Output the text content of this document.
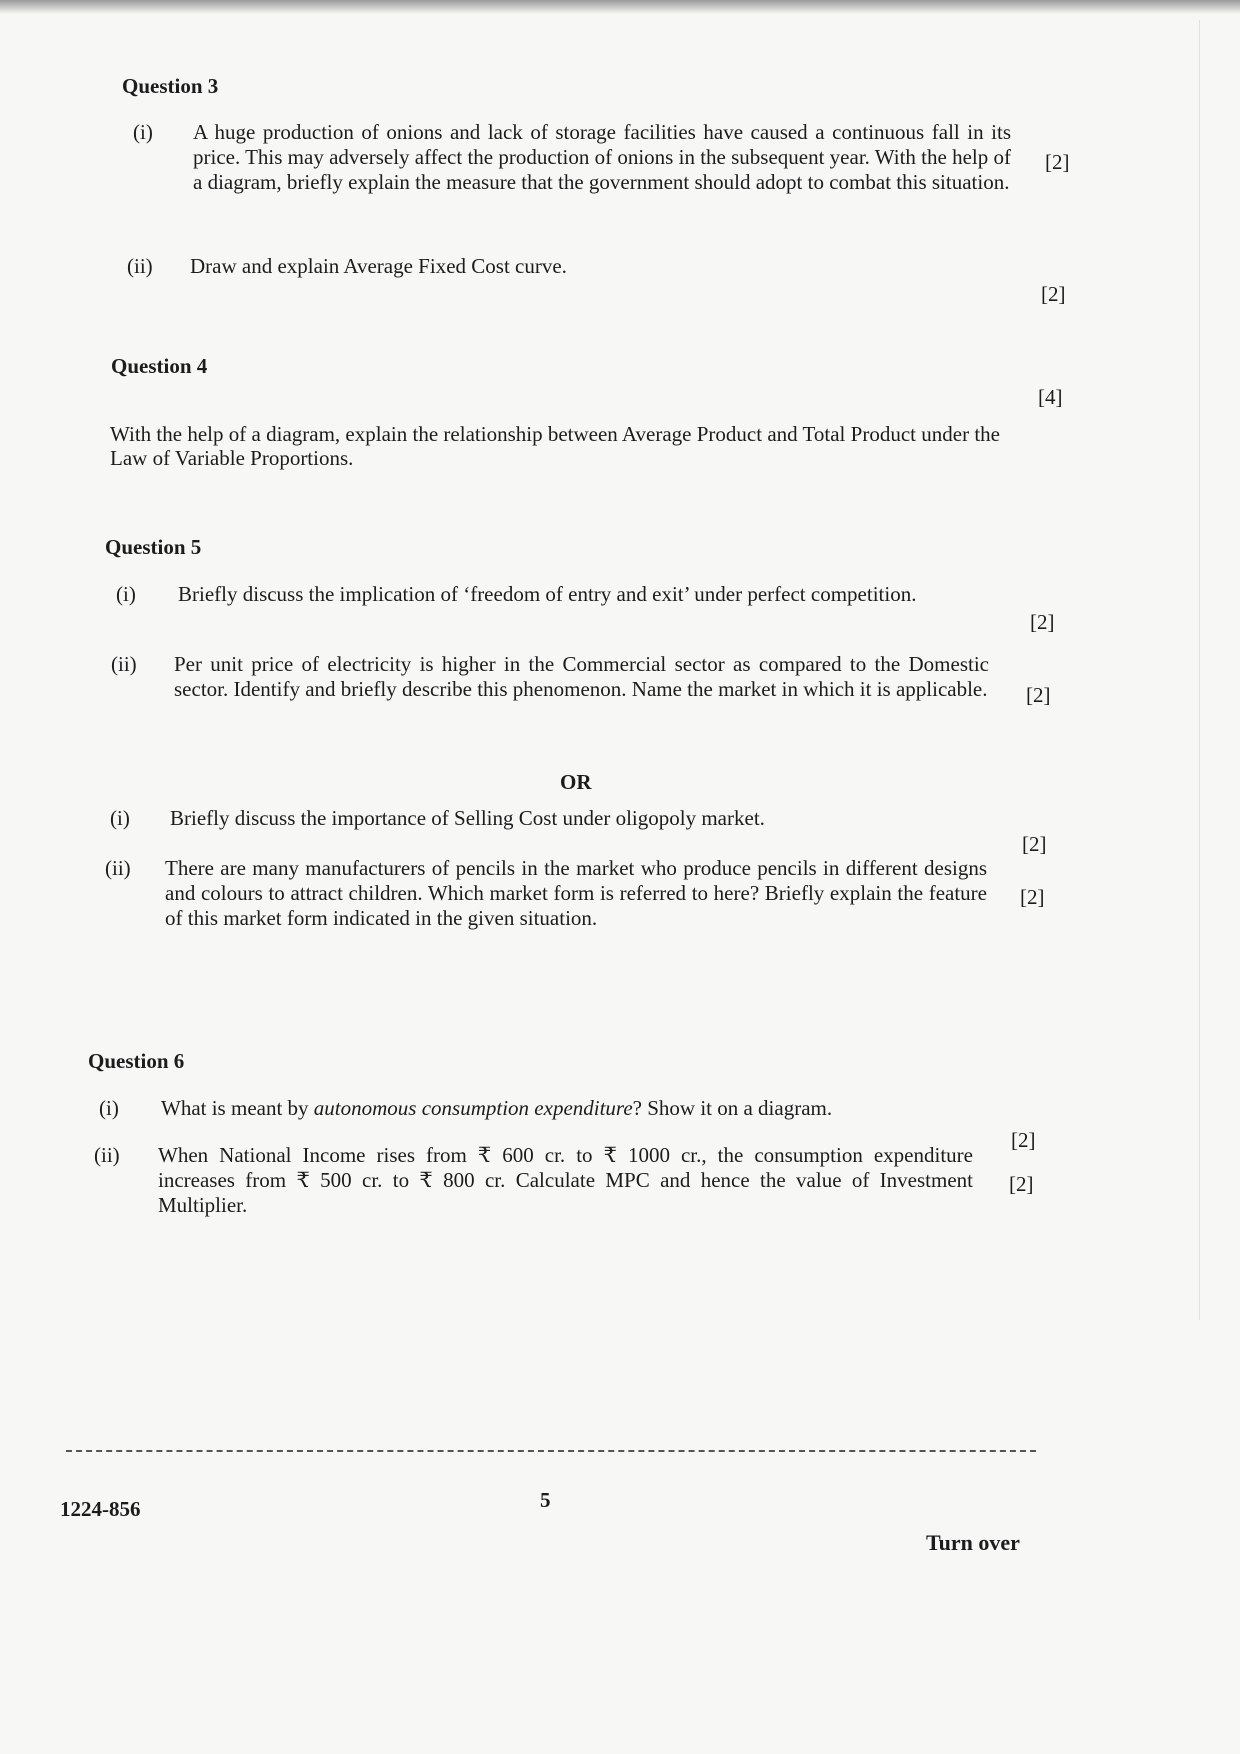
Question 3
(i) A huge production of onions and lack of storage facilities have caused a continuous fall in its price. This may adversely affect the production of onions in the subsequent year. With the help of a diagram, briefly explain the measure that the government should adopt to combat this situation.
[2]
(ii) Draw and explain Average Fixed Cost curve.
[2]
Question 4
[4]
With the help of a diagram, explain the relationship between Average Product and Total Product under the Law of Variable Proportions.
Question 5
(i) Briefly discuss the implication of ‘freedom of entry and exit’ under perfect competition.
[2]
(ii) Per unit price of electricity is higher in the Commercial sector as compared to the Domestic sector. Identify and briefly describe this phenomenon. Name the market in which it is applicable. [2]
OR
(i) Briefly discuss the importance of Selling Cost under oligopoly market.
[2]
(ii) There are many manufacturers of pencils in the market who produce pencils in different designs and colours to attract children. Which market form is referred to here? Briefly explain the feature of this market form indicated in the given situation.
[2]
Question 6
(i) What is meant by autonomous consumption expenditure? Show it on a diagram.
[2]
(ii) When National Income rises from ₹ 600 cr. to ₹ 1000 cr., the consumption expenditure increases from ₹ 500 cr. to ₹ 800 cr. Calculate MPC and hence the value of Investment Multiplier.
[2]
1224-856	5
Turn over
